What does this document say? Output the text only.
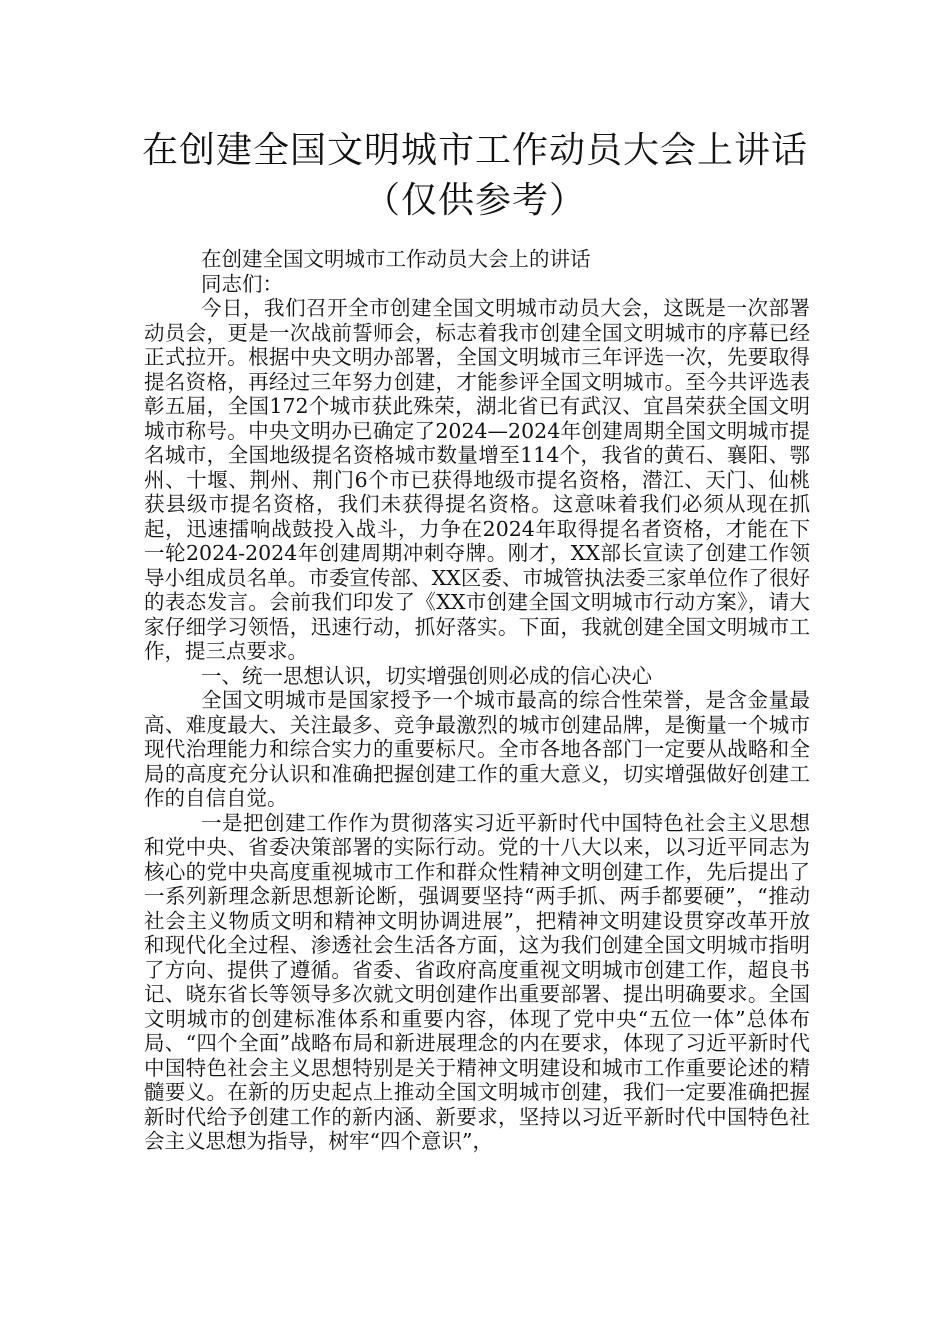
在创建全国文明城市工作动员大会上讲话
（仅供参考）

在创建全国文明城市工作动员大会上的讲话

同志们：

今日，我们召开全市创建全国文明城市动员大会，这既是一次部署动员会，更是一次战前誓师会，标志着我市创建全国文明城市的序幕已经正式拉开。根据中央文明办部署，全国文明城市三年评选一次，先要取得提名资格，再经过三年努力创建，才能参评全国文明城市。至今共评选表彰五届，全国172个城市获此殊荣，湖北省已有武汉、宜昌荣获全国文明城市称号。中央文明办已确定了2024—2024年创建周期全国文明城市提名城市，全国地级提名资格城市数量增至114个，我省的黄石、襄阳、鄂州、十堰、荆州、荆门6个市已获得地级市提名资格，潜江、天门、仙桃获县级市提名资格，我们未获得提名资格。这意味着我们必须从现在抓起，迅速擂响战鼓投入战斗，力争在2024年取得提名者资格，才能在下一轮2024-2024年创建周期冲刺夺牌。刚才，XX部长宣读了创建工作领导小组成员名单。市委宣传部、XX区委、市城管执法委三家单位作了很好的表态发言。会前我们印发了《XX市创建全国文明城市行动方案》，请大家仔细学习领悟，迅速行动，抓好落实。下面，我就创建全国文明城市工作，提三点要求。

一、统一思想认识，切实增强创则必成的信心决心

全国文明城市是国家授予一个城市最高的综合性荣誉，是含金量最高、难度最大、关注最多、竞争最激烈的城市创建品牌，是衡量一个城市现代治理能力和综合实力的重要标尺。全市各地各部门一定要从战略和全局的高度充分认识和准确把握创建工作的重大意义，切实增强做好创建工作的自信自觉。

一是把创建工作作为贯彻落实习近平新时代中国特色社会主义思想和党中央、省委决策部署的实际行动。党的十八大以来，以习近平同志为核心的党中央高度重视城市工作和群众性精神文明创建工作，先后提出了一系列新理念新思想新论断，强调要坚持“两手抓、两手都要硬”，“推动社会主义物质文明和精神文明协调进展”，把精神文明建设贯穿改革开放和现代化全过程、渗透社会生活各方面，这为我们创建全国文明城市指明了方向、提供了遵循。省委、省政府高度重视文明城市创建工作，超良书记、晓东省长等领导多次就文明创建作出重要部署、提出明确要求。全国文明城市的创建标准体系和重要内容，体现了党中央“五位一体”总体布局、“四个全面”战略布局和新进展理念的内在要求，体现了习近平新时代中国特色社会主义思想特别是关于精神文明建设和城市工作重要论述的精髓要义。在新的历史起点上推动全国文明城市创建，我们一定要准确把握新时代给予创建工作的新内涵、新要求，坚持以习近平新时代中国特色社会主义思想为指导，树牢“四个意识”，
